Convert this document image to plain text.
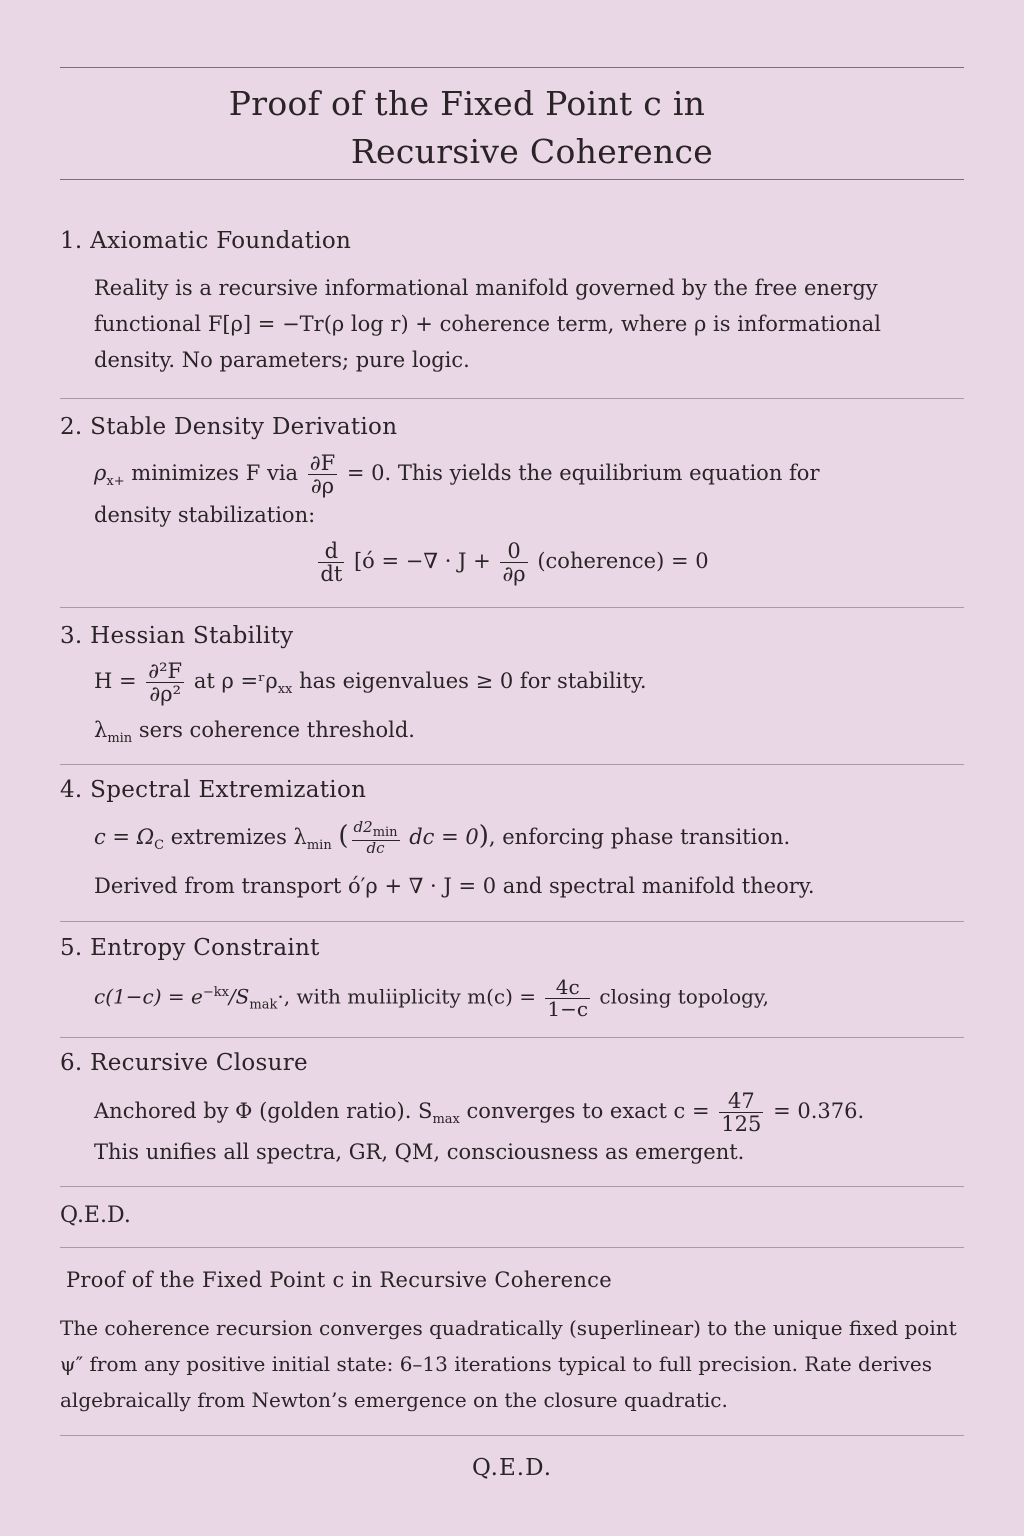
Proof of the Fixed Point c in
Recursive Coherence
1. Axiomatic Foundation
Reality is a recursive informational manifold governed by the free energy functional F[ρ] = −Tr(ρ log r) + coherence term, where ρ is informational density. No parameters; pure logic.
2. Stable Density Derivation
$\rho_{x+}$ minimizes F via $\frac{\partial F}{\partial\rho} = 0$. This yields the equilibrium equation for
density stabilization:
$\frac{d}{dt} [ό$ = −∇ · $J + \frac{0}{\partial\rho}$ (coherence) = 0
3. Hessian Stability
$H = \frac{\text{∂²F}}{\text{∂ρ²}}$ at ρ =ʳρ$_{xx}$ has eigenvalues ≥ 0 for stability.
$\lambda_{min}$ sers coherence threshold.
4. Spectral Extremization
$c = \Omega_C$ extremizes $\lambda_{min}$ ( $\frac{d2_{min}}{dc}$ dc = 0), enforcing phase transition.
Derived from transport ό′ρ + ∇ · J = 0 and spectral manifold theory.
5. Entropy Constraint
$c(1-c) = e^{-kx}/S_{mak}\cdot$, with muliiplicity $m(c) = \frac{4c}{1-c}$ closing topology,
6. Recursive Closure
Anchored by Φ (golden ratio). $S_{max}$ converges to exact $c = \frac{47}{125} = 0.376$.
This unifies all spectra, GR, QM, consciousness as emergent.
Q.E.D.
Proof of the Fixed Point c in Recursive Coherence
The coherence recursion converges quadratically (superlinear) to the unique fixed point ψ″ from any positive initial state: 6–13 iterations typical to full precision. Rate derives algebraically from Newton’s emergence on the closure quadratic.
Q.E.D.
